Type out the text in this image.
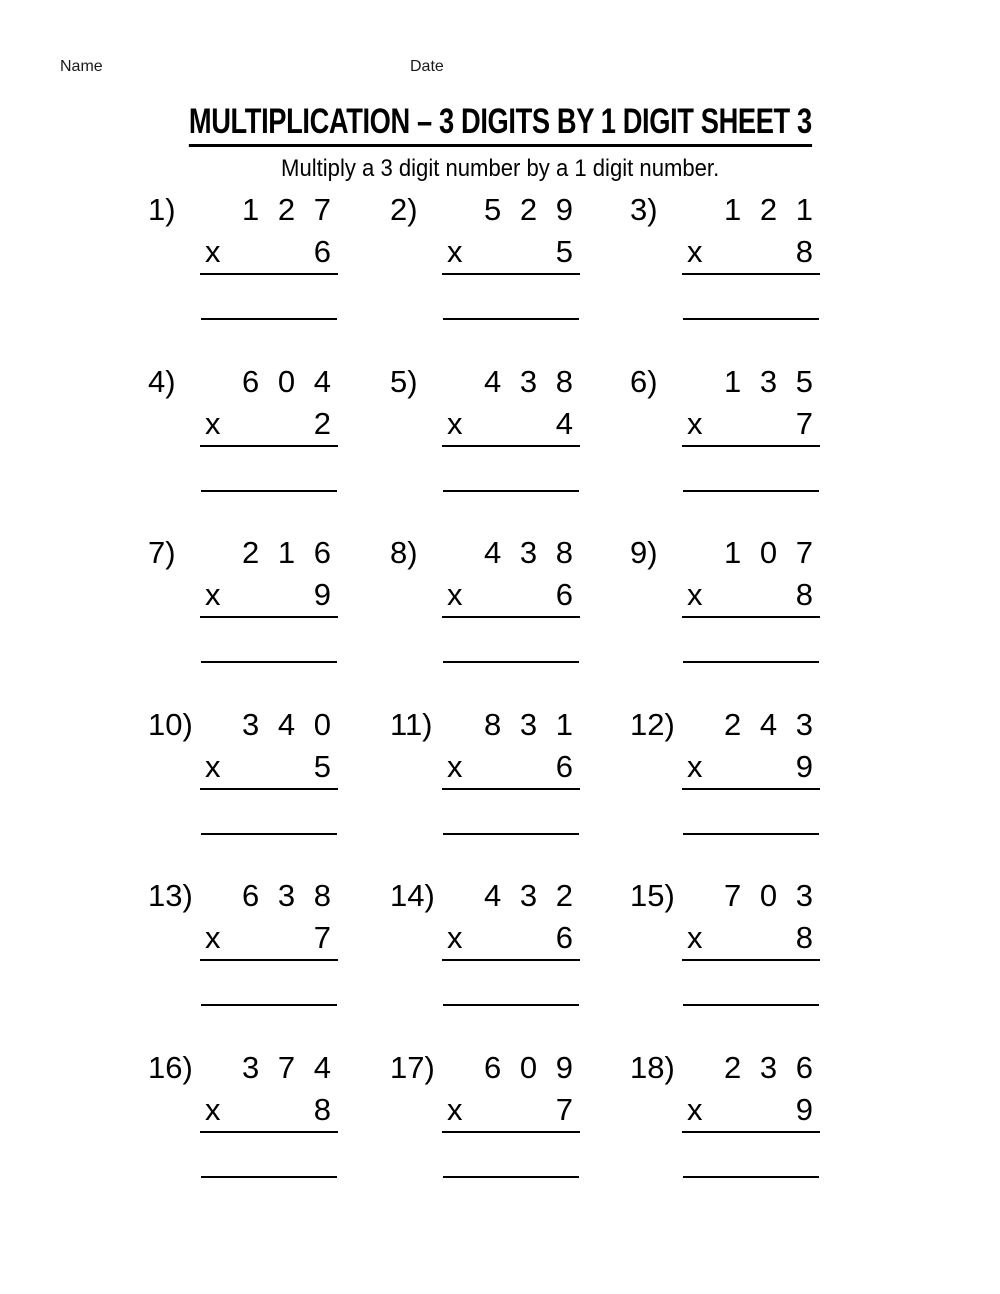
Name	Date
MULTIPLICATION – 3 DIGITS BY 1 DIGIT SHEET 3
Multiply a 3 digit number by a 1 digit number.
1)	1 2 7
x	6
2)	5 2 9
x	5
3)	1 2 1
x	8
4)	6 0 4
x	2
5)	4 3 8
x	4
6)	1 3 5
x	7
7)	2 1 6
x	9
8)	4 3 8
x	6
9)	1 0 7
x	8
10)	3 4 0
x	5
11)	8 3 1
x	6
12)	2 4 3
x	9
13)	6 3 8
x	7
14)	4 3 2
x	6
15)	7 0 3
x	8
16)	3 7 4
x	8
17)	6 0 9
x	7
18)	2 3 6
x	9
